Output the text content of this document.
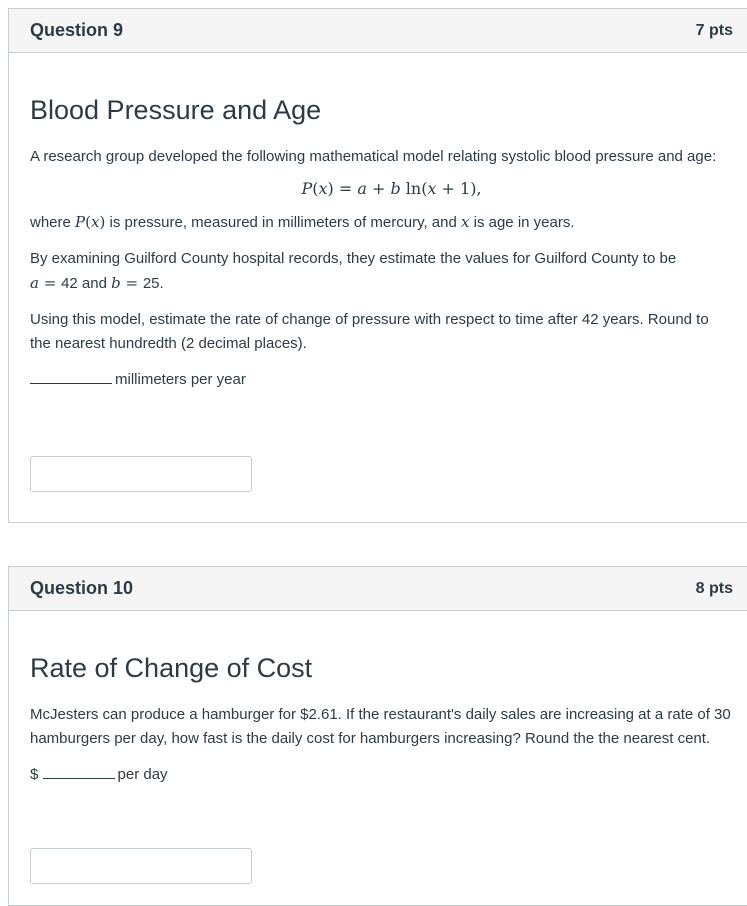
Question 9	7 pts
Blood Pressure and Age

A research group developed the following mathematical model relating systolic blood pressure and age:

P(x) = a + b ln(x + 1),

where P(x) is pressure, measured in millimeters of mercury, and x is age in years.

By examining Guilford County hospital records, they estimate the values for Guilford County to be
a = 42 and b = 25.

Using this model, estimate the rate of change of pressure with respect to time after 42 years. Round to the nearest hundredth (2 decimal places).

millimeters per year

Question 10	8 pts
Rate of Change of Cost

McJesters can produce a hamburger for $2.61. If the restaurant's daily sales are increasing at a rate of 30 hamburgers per day, how fast is the daily cost for hamburgers increasing? Round the the nearest cent.

$	per day
